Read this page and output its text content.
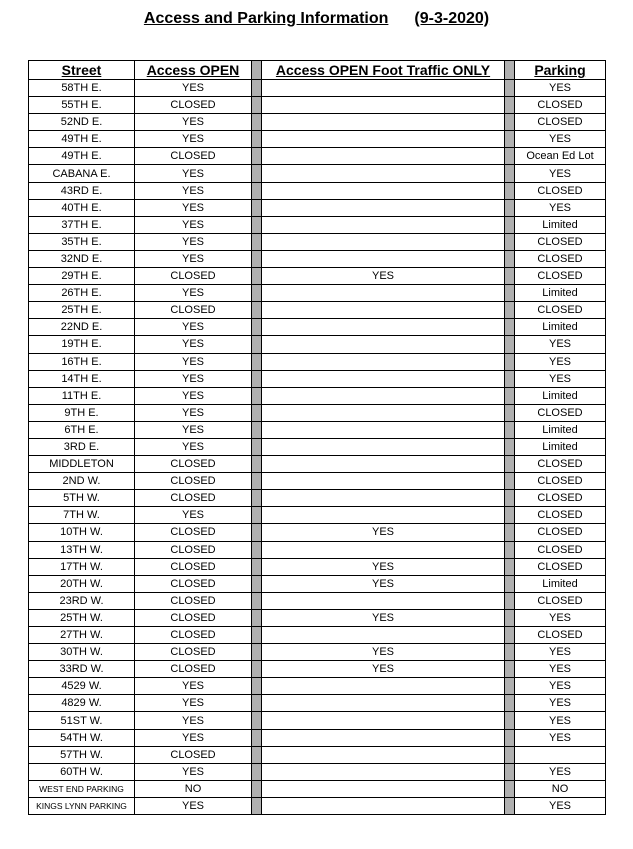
Access and Parking Information (9-3-2020)
Street	Access OPEN		Access OPEN Foot Traffic ONLY		Parking
58TH E.	YES				YES
55TH E.	CLOSED				CLOSED
52ND E.	YES				CLOSED
49TH E.	YES				YES
49TH E.	CLOSED				Ocean Ed Lot
CABANA E.	YES				YES
43RD E.	YES				CLOSED
40TH E.	YES				YES
37TH E.	YES				Limited
35TH E.	YES				CLOSED
32ND E.	YES				CLOSED
29TH E.	CLOSED		YES		CLOSED
26TH E.	YES				Limited
25TH E.	CLOSED				CLOSED
22ND E.	YES				Limited
19TH E.	YES				YES
16TH E.	YES				YES
14TH E.	YES				YES
11TH E.	YES				Limited
9TH E.	YES				CLOSED
6TH E.	YES				Limited
3RD E.	YES				Limited
MIDDLETON	CLOSED				CLOSED
2ND W.	CLOSED				CLOSED
5TH W.	CLOSED				CLOSED
7TH W.	YES				CLOSED
10TH W.	CLOSED		YES		CLOSED
13TH W.	CLOSED				CLOSED
17TH W.	CLOSED		YES		CLOSED
20TH W.	CLOSED		YES		Limited
23RD W.	CLOSED				CLOSED
25TH W.	CLOSED		YES		YES
27TH W.	CLOSED				CLOSED
30TH W.	CLOSED		YES		YES
33RD W.	CLOSED		YES		YES
4529 W.	YES				YES
4829 W.	YES				YES
51ST W.	YES				YES
54TH W.	YES				YES
57TH W.	CLOSED				
60TH W.	YES				YES
WEST END PARKING	NO				NO
KINGS LYNN PARKING	YES				YES
